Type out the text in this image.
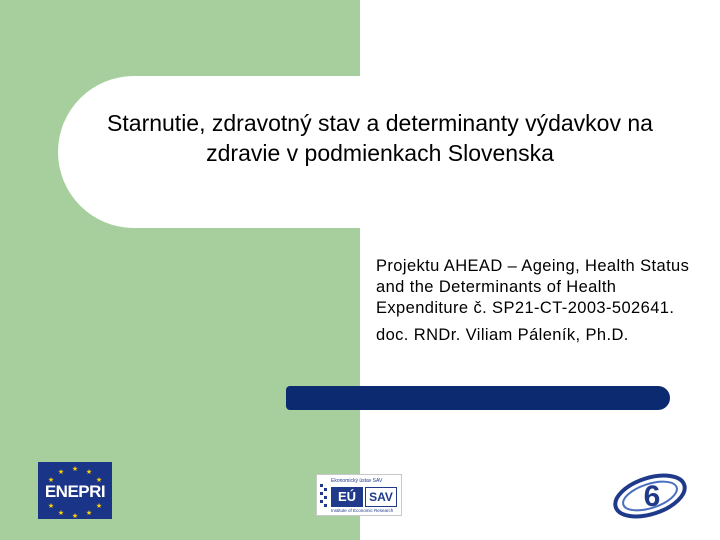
Starnutie, zdravotný stav a determinanty výdavkov na zdravie v podmienkach Slovenska

Projektu AHEAD – Ageing, Health Status and the Determinants of Health Expenditure č. SP21-CT-2003-502641.

doc. RNDr. Viliam Páleník, Ph.D.

★ ★
★
★
★
★
★ ★ ★
★
ENEPRI
Ekonomický ústav SAV
EÚ	SAV
Institute of Economic Research	6
